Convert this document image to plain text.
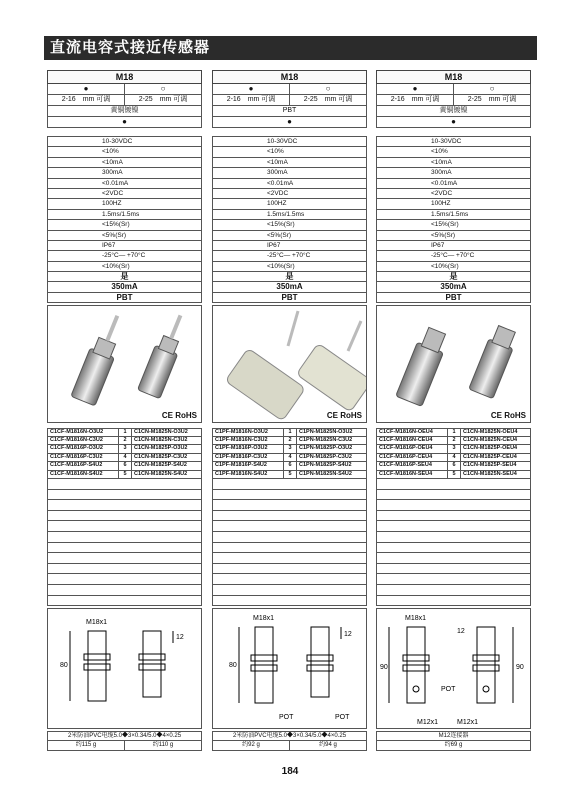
直流电容式接近传感器
M18
●	○
2-16　mm 可调	2-25　mm 可调
黄铜镀镍
●
10-30VDC
<10%
<10mA
300mA
<0.01mA
<2VDC
100HZ
1.5ms/1.5ms
<15%(Sr)
<5%(Sr)
IP67
-25°C— +70°C
<10%(Sr)
是
350mA
PBT
M18
●	○
2-16　mm 可调	2-25　mm 可调
PBT
●
10-30VDC
<10%
<10mA
300mA
<0.01mA
<2VDC
100HZ
1.5ms/1.5ms
<15%(Sr)
<5%(Sr)
IP67
-25°C— +70°C
<10%(Sr)
是
350mA
PBT
M18
●	○
2-16　mm 可调	2-25　mm 可调
黄铜镀镍
●
10-30VDC
<10%
<10mA
300mA
<0.01mA
<2VDC
100HZ
1.5ms/1.5ms
<15%(Sr)
<5%(Sr)
IP67
-25°C— +70°C
<10%(Sr)
是
350mA
PBT
CE RoHS	CE RoHS	CE RoHS
C1CF-M1816N-O3U2	1	C1CN-M1825N-O3U2
C1CF-M1816N-C3U2	2	C1CN-M1825N-C3U2
C1CF-M1816P-O3U2	3	C1CN-M1825P-O3U2
C1CF-M1816P-C3U2	4	C1CN-M1825P-C3U2
C1CF-M1816P-S4U2	6	C1CN-M1825P-S4U2
C1CF-M1816N-S4U2	5	C1CN-M1825N-S4U2
C1PF-M1816N-O3U2	1	C1PN-M1825N-O3U2
C1PF-M1816N-C3U2	2	C1PN-M1825N-C3U2
C1PF-M1816P-O3U2	3	C1PN-M1825P-O3U2
C1PF-M1816P-C3U2	4	C1PN-M1825P-C3U2
C1PF-M1816P-S4U2	6	C1PN-M1825P-S4U2
C1PF-M1816N-S4U2	5	C1PN-M1825N-S4U2
C1CF-M1816N-OEU4	1	C1CN-M1825N-OEU4
C1CF-M1816N-CEU4	2	C1CN-M1825N-CEU4
C1CF-M1816P-OEU4	3	C1CN-M1825P-OEU4
C1CF-M1816P-CEU4	4	C1CN-M1825P-CEU4
C1CF-M1816P-SEU4	6	C1CN-M1825P-SEU4
C1CF-M1816N-SEU4	5	C1CN-M1825N-SEU4
80
12
M18x1
80
12
M18x1
POT	POT
90	90
12
M18x1
POT
M12x1	M12x1
2米防油PVC电缆5.0◆3×0.34/5.0◆4×0.25
约115 g	约110 g
2米防油PVC电缆5.0◆3×0.34/5.0◆4×0.25
约92 g	约94 g
M12连接器
约69 g
184
